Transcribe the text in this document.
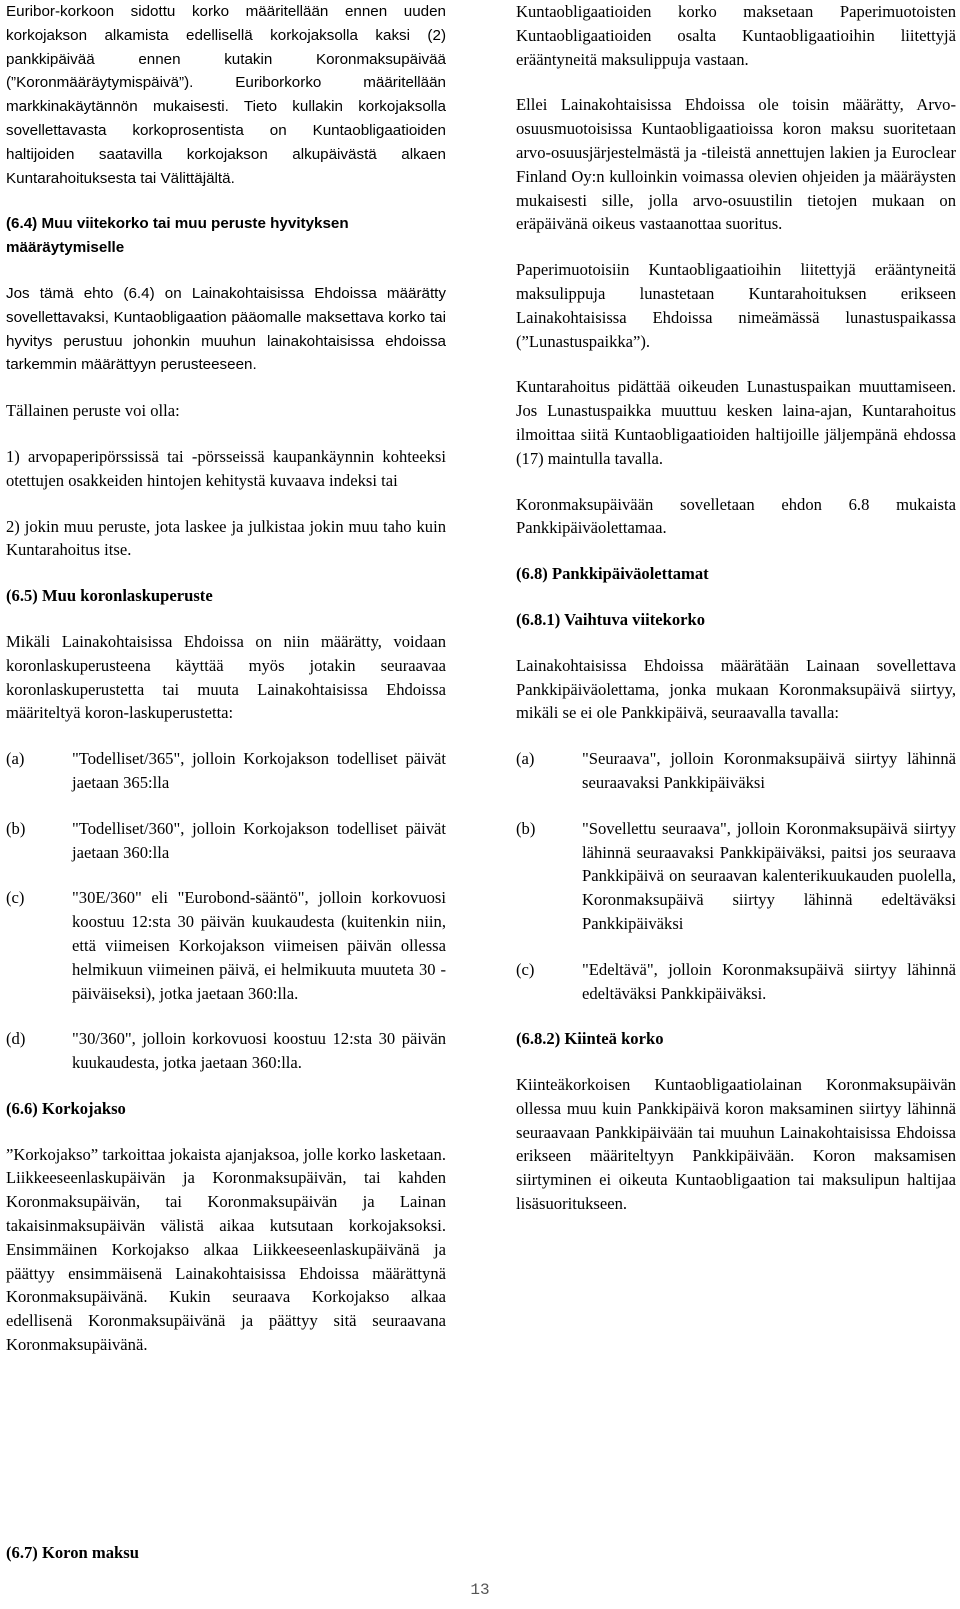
Euribor-korkoon sidottu korko määritellään ennen uuden korkojakson alkamista edellisellä korkojaksolla kaksi (2) pankkipäivää ennen kutakin Koronmaksupäivää (”Koronmääräytymispäivä”). Euriborkorko määritellään markkinakäytännön mukaisesti. Tieto kullakin korkojaksolla sovellettavasta korkoprosentista on Kuntaobligaatioiden haltijoiden saatavilla korkojakson alkupäivästä alkaen Kuntarahoituksesta tai Välittäjältä.

(6.4) Muu viitekorko tai muu peruste hyvityksen määräytymiselle

Jos tämä ehto (6.4) on Lainakohtaisissa Ehdoissa määrätty sovellettavaksi, Kuntaobligaation pääomalle maksettava korko tai hyvitys perustuu johonkin muuhun lainakohtaisissa ehdoissa tarkemmin määrättyyn perusteeseen.

Tällainen peruste voi olla:

1) arvopaperipörssissä tai -pörsseissä kaupankäynnin kohteeksi otettujen osakkeiden hintojen kehitystä kuvaava indeksi tai

2) jokin muu peruste, jota laskee ja julkistaa jokin muu taho kuin Kuntarahoitus itse.

(6.5) Muu koronlaskuperuste

Mikäli Lainakohtaisissa Ehdoissa on niin määrätty, voidaan koronlaskuperusteena käyttää myös jotakin seuraavaa koronlaskuperustetta tai muuta Lainakohtaisissa Ehdoissa määriteltyä koron-laskuperustetta:

(a)	"Todelliset/365", jolloin Korkojakson todelliset päivät jaetaan 365:lla
(b)	"Todelliset/360", jolloin Korkojakson todelliset päivät jaetaan 360:lla
(c)	"30E/360" eli "Eurobond-sääntö", jolloin korkovuosi koostuu 12:sta 30 päivän kuukaudesta (kuitenkin niin, että viimeisen Korkojakson viimeisen päivän ollessa helmikuun viimeinen päivä, ei helmikuuta muuteta 30 -päiväiseksi), jotka jaetaan 360:lla.
(d)	"30/360", jolloin korkovuosi koostuu 12:sta 30 päivän kuukaudesta, jotka jaetaan 360:lla.
(6.6) Korkojakso

”Korkojakso” tarkoittaa jokaista ajanjaksoa, jolle korko lasketaan. Liikkeeseenlaskupäivän ja Koronmaksupäivän, tai kahden Koronmaksupäivän, tai Koronmaksupäivän ja Lainan takaisinmaksupäivän välistä aikaa kutsutaan korkojaksoksi. Ensimmäinen Korkojakso alkaa Liikkeeseenlaskupäivänä ja päättyy ensimmäisenä Lainakohtaisissa Ehdoissa määrättynä Koronmaksupäivänä. Kukin seuraava Korkojakso alkaa edellisenä Koronmaksupäivänä ja päättyy sitä seuraavana Koronmaksupäivänä.

Kuntaobligaatioiden korko maksetaan Paperimuotoisten Kuntaobligaatioiden osalta Kuntaobligaatioihin liitettyjä erääntyneitä maksulippuja vastaan.

Ellei Lainakohtaisissa Ehdoissa ole toisin määrätty, Arvo-osuusmuotoisissa Kuntaobligaatioissa koron maksu suoritetaan arvo-osuusjärjestelmästä ja -tileistä annettujen lakien ja Euroclear Finland Oy:n kulloinkin voimassa olevien ohjeiden ja määräysten mukaisesti sille, jolla arvo-osuustilin tietojen mukaan on eräpäivänä oikeus vastaanottaa suoritus.

Paperimuotoisiin Kuntaobligaatioihin liitettyjä erääntyneitä maksulippuja lunastetaan Kuntarahoituksen erikseen Lainakohtaisissa Ehdoissa nimeämässä lunastuspaikassa (”Lunastuspaikka”).

Kuntarahoitus pidättää oikeuden Lunastuspaikan muuttamiseen. Jos Lunastuspaikka muuttuu kesken laina-ajan, Kuntarahoitus ilmoittaa siitä Kuntaobligaatioiden haltijoille jäljempänä ehdossa (17) maintulla tavalla.

Koronmaksupäivään sovelletaan ehdon 6.8 mukaista Pankkipäiväolettamaa.

(6.8) Pankkipäiväolettamat
(6.8.1) Vaihtuva viitekorko

Lainakohtaisissa Ehdoissa määrätään Lainaan sovellettava Pankkipäiväolettama, jonka mukaan Koronmaksupäivä siirtyy, mikäli se ei ole Pankkipäivä, seuraavalla tavalla:

(a)	"Seuraava", jolloin Koronmaksupäivä siirtyy lähinnä seuraavaksi Pankkipäiväksi
(b)	"Sovellettu seuraava", jolloin Koronmaksupäivä siirtyy lähinnä seuraavaksi Pankkipäiväksi, paitsi jos seuraava Pankkipäivä on seuraavan kalenterikuukauden puolella, Koronmaksupäivä siirtyy lähinnä edeltäväksi Pankkipäiväksi
(c)	"Edeltävä", jolloin Koronmaksupäivä siirtyy lähinnä edeltäväksi Pankkipäiväksi.
(6.8.2) Kiinteä korko

Kiinteäkorkoisen Kuntaobligaatiolainan Koronmaksupäivän ollessa muu kuin Pankkipäivä koron maksaminen siirtyy lähinnä seuraavaan Pankkipäivään tai muuhun Lainakohtaisissa Ehdoissa erikseen määriteltyyn Pankkipäivään. Koron maksamisen siirtyminen ei oikeuta Kuntaobligaation tai maksulipun haltijaa lisäsuoritukseen.

(6.7) Koron maksu
13
